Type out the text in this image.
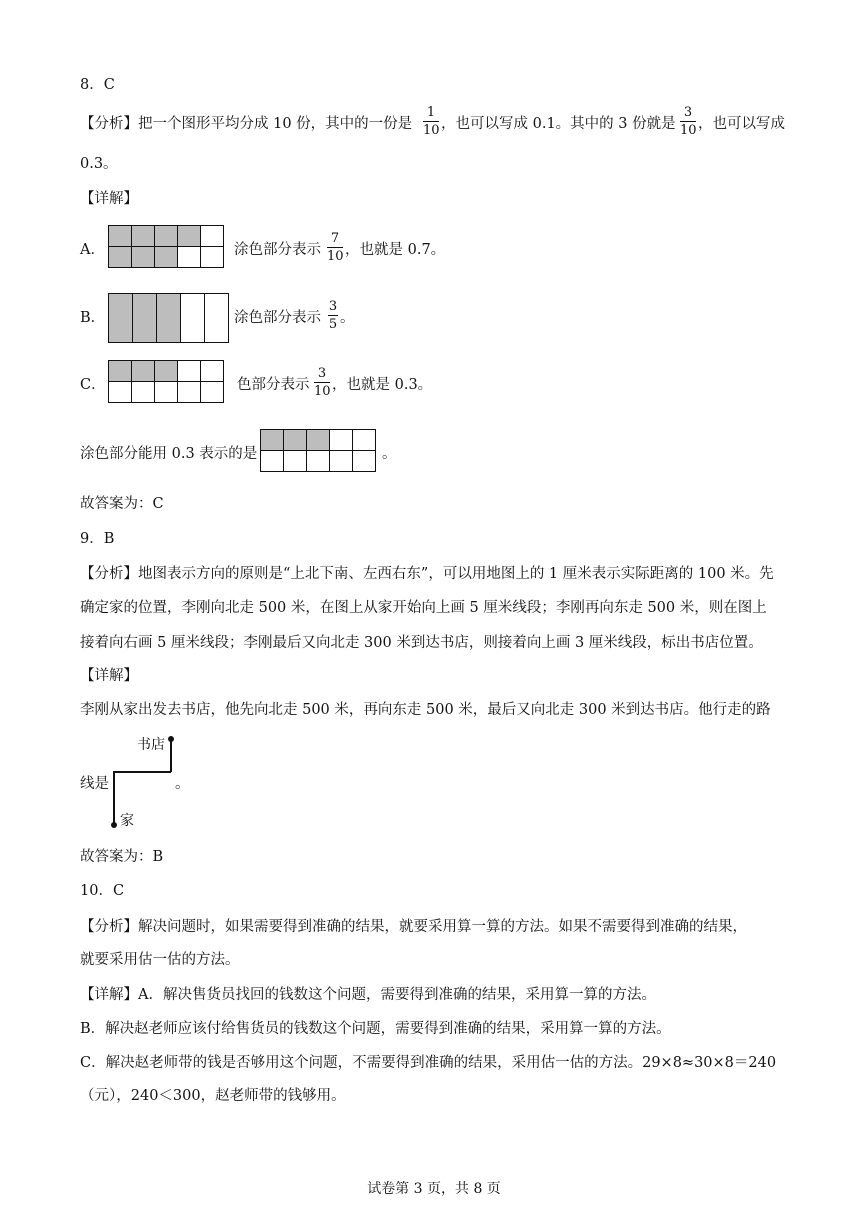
8．C
【分析】把一个图形平均分成 10 份，其中的一份是
1
10 ，也可以写成 0.1。其中的 3 份就是
3
10 ，也可以写成
0.3。
【详解】
A．

					涂色部分表示
7
10 ，也就是 0.7。
B．
					涂色部分表示
3
5 。
C．

					色部分表示
3
10 ，也就是 0.3。
涂色部分能用 0.3 表示的是

					。
故答案为：C
9．B
【分析】地图表示方向的原则是“上北下南、左西右东”，可以用地图上的 1 厘米表示实际距离的 100 米。先
确定家的位置，李刚向北走 500 米，在图上从家开始向上画 5 厘米线段；李刚再向东走 500 米，则在图上
接着向右画 5 厘米线段；李刚最后又向北走 300 米到达书店，则接着向上画 3 厘米线段，标出书店位置。
【详解】
李刚从家出发去书店，他先向北走 500 米，再向东走 500 米，最后又向北走 300 米到达书店。他行走的路
线是
书店
家
。
故答案为：B
10．C
【分析】解决问题时，如果需要得到准确的结果，就要采用算一算的方法。如果不需要得到准确的结果，
就要采用估一估的方法。
【详解】A．解决售货员找回的钱数这个问题，需要得到准确的结果，采用算一算的方法。
B．解决赵老师应该付给售货员的钱数这个问题，需要得到准确的结果，采用算一算的方法。
C．解决赵老师带的钱是否够用这个问题，不需要得到准确的结果，采用估一估的方法。29×8≈30×8＝240
（元），240＜300，赵老师带的钱够用。
试卷第 3 页，共 8 页
